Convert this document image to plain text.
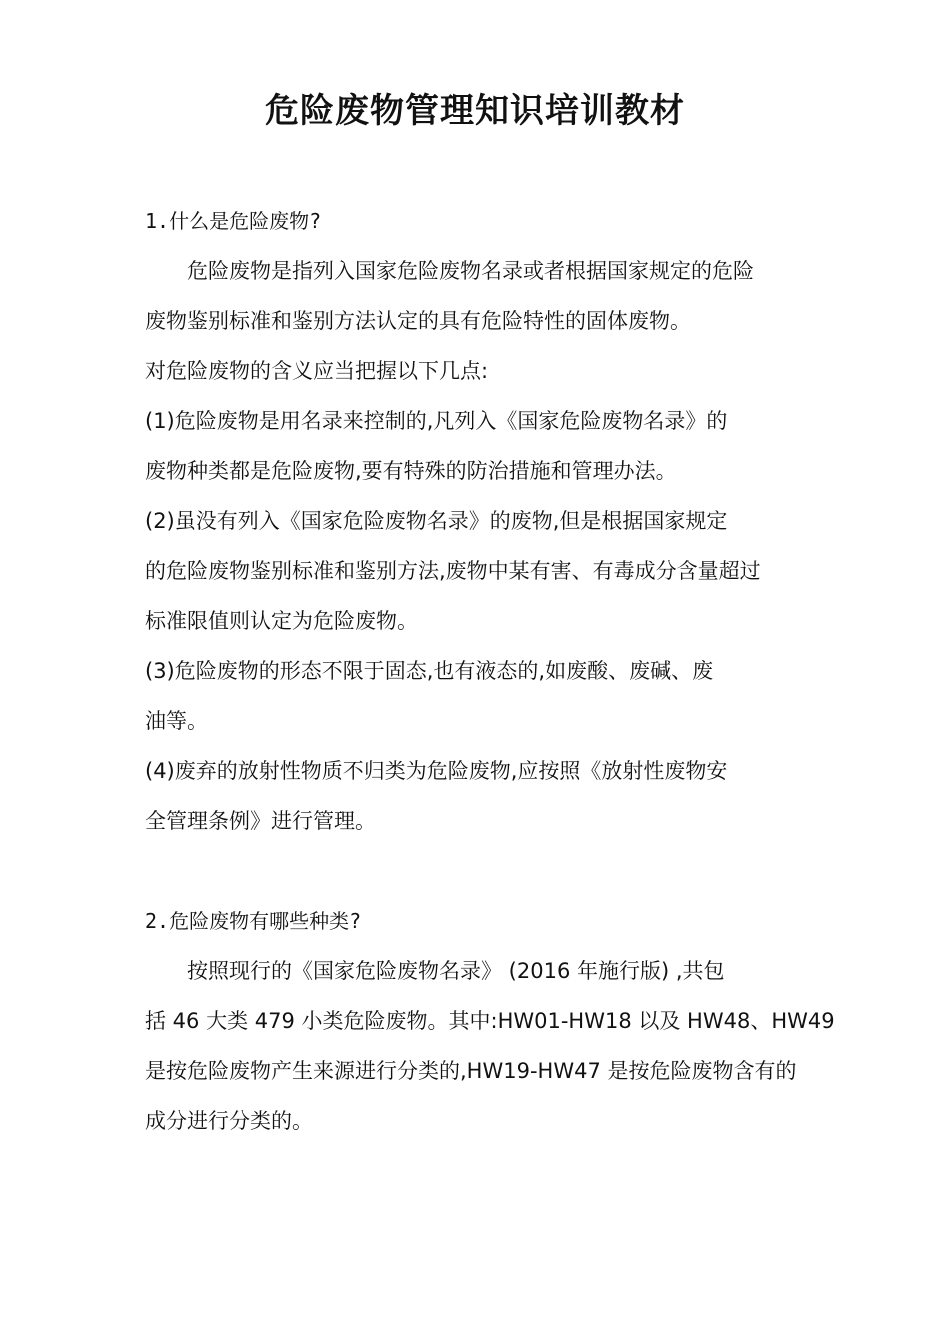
危险废物管理知识培训教材
1.什么是危险废物?
危险废物是指列入国家危险废物名录或者根据国家规定的危险
废物鉴别标准和鉴别方法认定的具有危险特性的固体废物。
对危险废物的含义应当把握以下几点:
(1)危险废物是用名录来控制的,凡列入《国家危险废物名录》的
废物种类都是危险废物,要有特殊的防治措施和管理办法。
(2)虽没有列入《国家危险废物名录》的废物,但是根据国家规定
的危险废物鉴别标准和鉴别方法,废物中某有害、有毒成分含量超过
标准限值则认定为危险废物。
(3)危险废物的形态不限于固态,也有液态的,如废酸、废碱、废
油等。
(4)废弃的放射性物质不归类为危险废物,应按照《放射性废物安
全管理条例》进行管理。
2.危险废物有哪些种类?
按照现行的《国家危险废物名录》 (2016 年施行版) ,共包
括 46 大类 479 小类危险废物。其中:HW01-HW18 以及 HW48、HW49
是按危险废物产生来源进行分类的,HW19-HW47 是按危险废物含有的
成分进行分类的。
